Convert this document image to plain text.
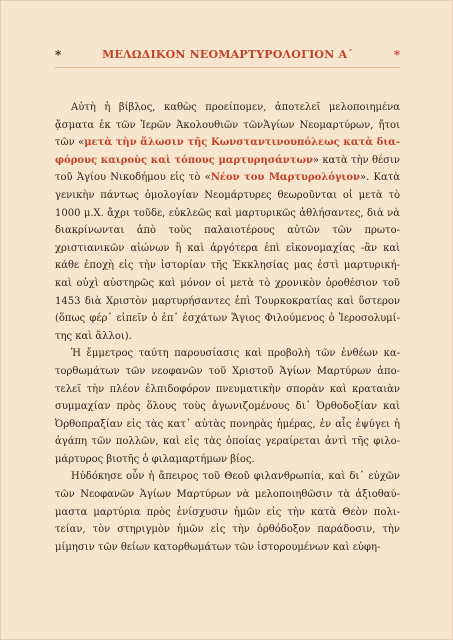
*	ΜΕΛΩΔΙΚΟΝ ΝΕΟΜΑΡΤΥΡΟΛΟΓΙΟΝ Α΄	*

Αὐτὴ ἡ βίβλος, καθὼς προείπομεν, ἀποτελεῖ μελοποιημένα ᾄσματα ἐκ τῶν Ἱερῶν Ἀκολουθιῶν τῶνἉγίων Νεομαρτύρων, ἤτοι τῶν «μετὰ τὴν ἅλωσιν τῆς Κωνσταντινουπόλεως κατὰ διαφόρους καιροὺς καὶ τόπους μαρτυρησάντων» κατὰ τὴν θέσιν τοῦ Ἁγίου Νικοδήμου εἰς τὸ «Νέον του Μαρτυρολόγιον». Κατὰ γενικὴν πάντως ὁμολογίαν Νεομάρτυρες θεωροῦνται οἱ μετὰ τὸ 1000 μ.Χ. ἄχρι τοῦδε, εὐκλεῶς καὶ μαρτυρικῶς ἀθλήσαντες, διὰ νὰ διακρίνωνται ἀπὸ τοὺς παλαιοτέρους αὐτῶν τῶν πρωτοχριστιανικῶν αἰώνων ἢ καὶ ἀργότερα ἐπὶ εἰκονομαχίας -ἂν καὶ κάθε ἐποχὴ εἰς τὴν ἱστορίαν τῆς Ἐκκλησίας μας ἐστὶ μαρτυρική- καὶ οὐχὶ αὐστηρῶς καὶ μόνον οἱ μετὰ τὸ χρονικὸν ὁροθέσιον τοῦ 1453 διὰ Χριστὸν μαρτυρήσαντες ἐπὶ Τουρκοκρατίας καὶ ὕστερον (ὅπως φέρ᾽ εἰπεῖν ὁ ἐπ᾽ ἐσχάτων Ἅγιος Φιλούμενος ὁ Ἱεροσολυμίτης καὶ ἄλλοι).

Ἡ ἔμμετρος ταύτη παρουσίασις καὶ προβολὴ τῶν ἐνθέων κατορθωμάτων τῶν νεοφανῶν τοῦ Χριστοῦ Ἁγίων Μαρτύρων ἀποτελεῖ τὴν πλέον ἐλπιδοφόρον πνευματικὴν σπορὰν καὶ κραταιὰν συμμαχίαν πρὸς ὅλους τοὺς ἀγωνιζομένους δι᾽ Ὀρθοδοξίαν καὶ Ὀρθοπραξίαν εἰς τὰς κατ᾽ αὐτὰς πονηρὰς ἡμέρας, ἐν αἷς ἐψύγει ἡ ἀγάπη τῶν πολλῶν, καὶ εἰς τὰς ὁποίας γεραίρεται ἀντὶ τῆς φιλομάρτυρος βιοτῆς ὁ φιλαμαρτήμων βίος.

Ηὐδόκησε οὖν ἡ ἄπειρος τοῦ Θεοῦ φιλανθρωπία, καὶ δι᾽ εὐχῶν τῶν Νεοφανῶν Ἁγίων Μαρτύρων νὰ μελοποιηθῶσιν τὰ ἀξιοθαύμαστα μαρτύρια πρὸς ἐνίσχυσιν ἡμῶν εἰς τὴν κατὰ Θεὸν πολιτείαν, τὸν στηριγμὸν ἡμῶν εἰς τὴν ὀρθόδοξον παράδοσιν, τὴν μίμησιν τῶν θείων κατορθωμάτων τῶν ἱστορουμένων καὶ εὐφη-
